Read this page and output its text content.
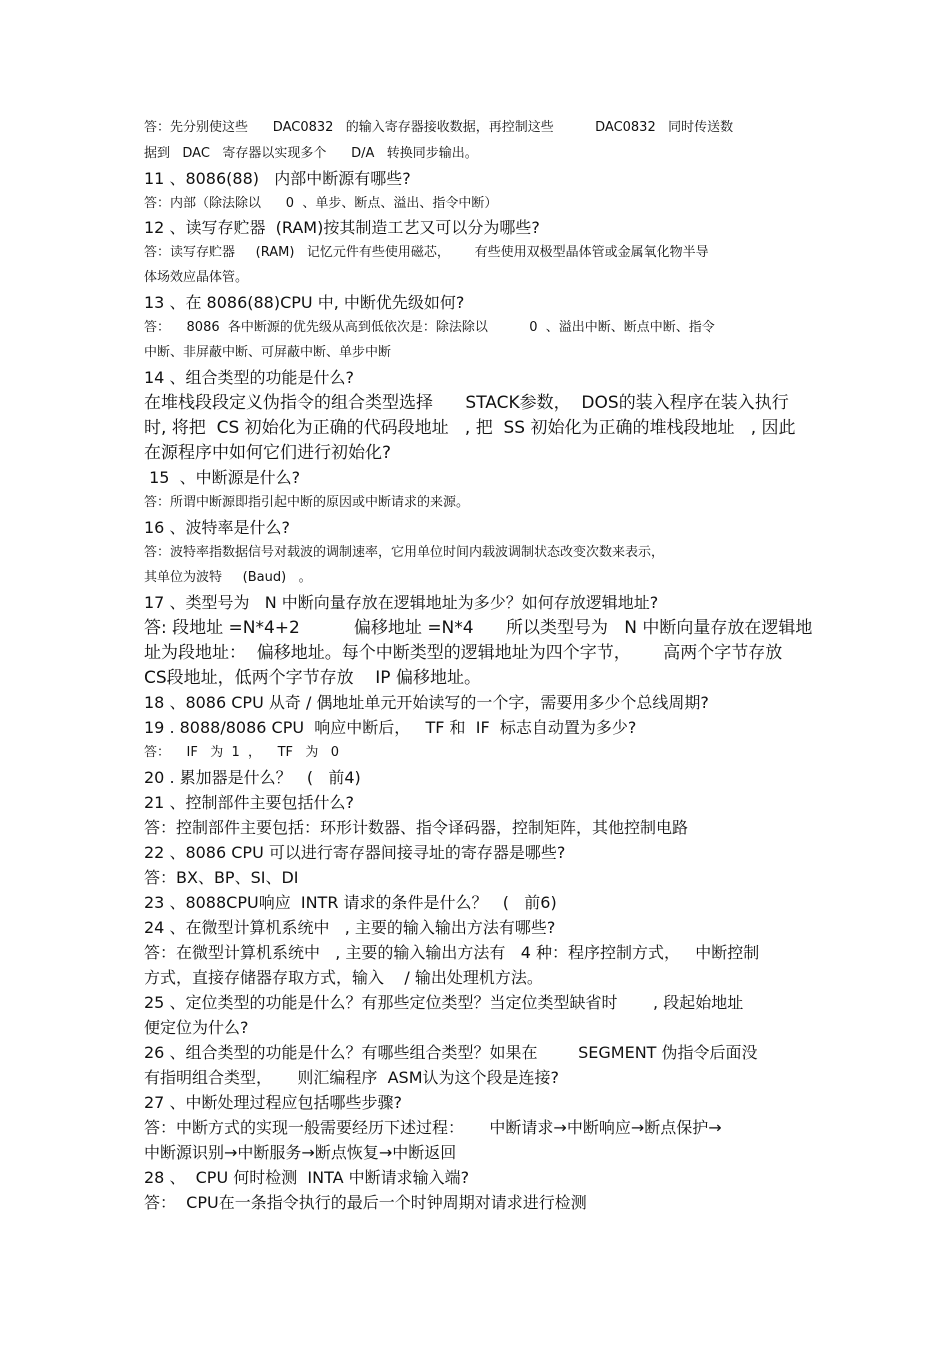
答：先分别使这些      DAC0832   的输入寄存器接收数据，再控制这些          DAC0832   同时传送数
据到   DAC   寄存器以实现多个      D/A   转换同步输出。
11 、8086(88)   内部中断源有哪些?
答：内部（除法除以      0  、单步、断点、溢出、指令中断）
12 、读写存贮器  (RAM)按其制造工艺又可以分为哪些?
答：读写存贮器     (RAM)   记忆元件有些使用磁芯，      有些使用双极型晶体管或金属氧化物半导
体场效应晶体管。
13 、在 8086(88)CPU 中, 中断优先级如何?
答：    8086  各中断源的优先级从高到低依次是：除法除以          0  、溢出中断、断点中断、指令
中断、非屏蔽中断、可屏蔽中断、单步中断
14 、组合类型的功能是什么?
在堆栈段段定义伪指令的组合类型选择      STACK参数，  DOS的装入程序在装入执行
时, 将把  CS 初始化为正确的代码段地址   , 把  SS 初始化为正确的堆栈段地址   , 因此
在源程序中如何它们进行初始化?
15  、中断源是什么?
答：所谓中断源即指引起中断的原因或中断请求的来源。
16 、波特率是什么?
答：波特率指数据信号对载波的调制速率，它用单位时间内载波调制状态改变次数来表示，
其单位为波特     (Baud)   。
17 、类型号为   N 中断向量存放在逻辑地址为多少？如何存放逻辑地址?
答: 段地址 =N*4+2          偏移地址 =N*4      所以类型号为   N 中断向量存放在逻辑地
址为段地址：  偏移地址。每个中断类型的逻辑地址为四个字节，      高两个字节存放
CS段地址，低两个字节存放    IP 偏移地址。
18 、8086 CPU 从奇 / 偶地址单元开始读写的一个字，需要用多少个总线周期?
19 . 8088/8086 CPU  响应中断后，   TF 和  IF  标志自动置为多少?
答：    IF   为  1  ，    TF   为   0
20 . 累加器是什么？   (   前4)
21 、控制部件主要包括什么?
答：控制部件主要包括：环形计数器、指令译码器，控制矩阵，其他控制电路
22 、8086 CPU 可以进行寄存器间接寻址的寄存器是哪些?
答：BX、BP、SI、DI
23 、8088CPU响应  INTR 请求的条件是什么？   (   前6)
24 、在微型计算机系统中   , 主要的输入输出方法有哪些?
答：在微型计算机系统中   , 主要的输入输出方法有   4 种：程序控制方式，   中断控制
方式，直接存储器存取方式，输入    / 输出处理机方法。
25 、定位类型的功能是什么？有那些定位类型？当定位类型缺省时       , 段起始地址
便定位为什么?
26 、组合类型的功能是什么？有哪些组合类型？如果在        SEGMENT 伪指令后面没
有指明组合类型，     则汇编程序  ASM认为这个段是连接?
27 、中断处理过程应包括哪些步骤?
答：中断方式的实现一般需要经历下述过程：     中断请求→中断响应→断点保护→
中断源识别→中断服务→断点恢复→中断返回
28 、  CPU 何时检测  INTA 中断请求输入端?
答：  CPU在一条指令执行的最后一个时钟周期对请求进行检测
